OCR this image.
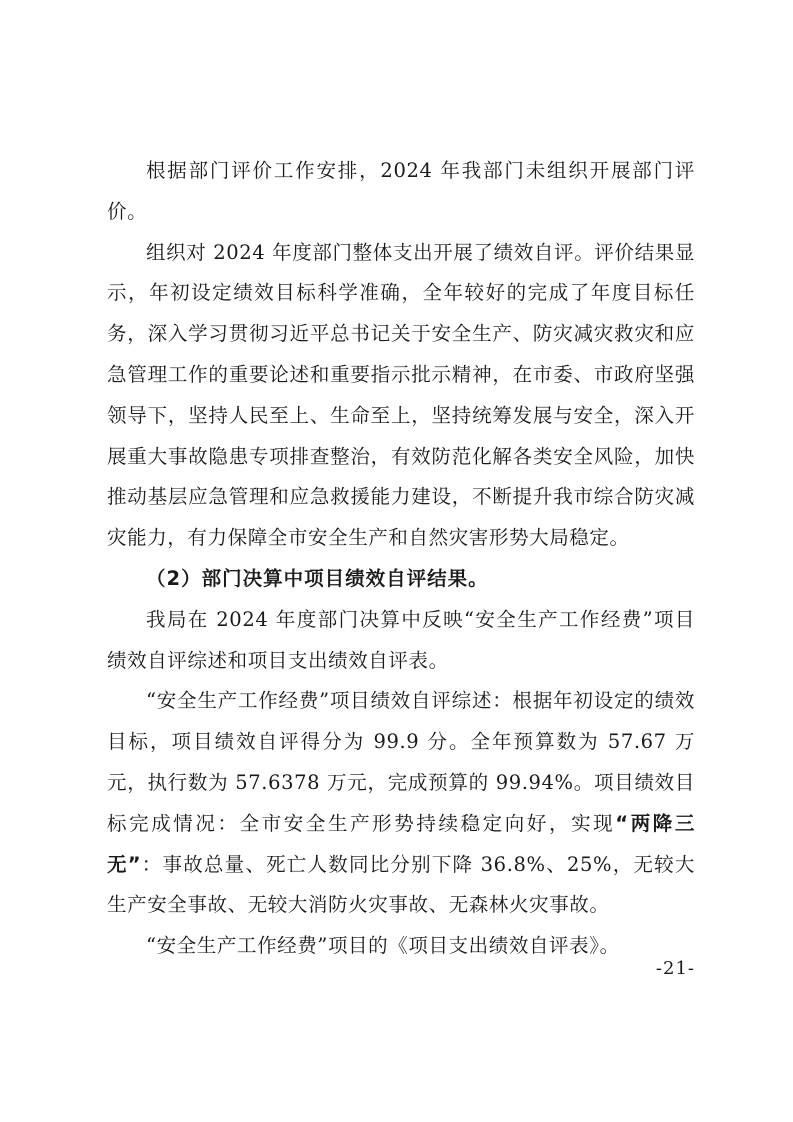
根据部门评价工作安排，2024 年我部门未组织开展部门评价。

组织对 2024 年度部门整体支出开展了绩效自评。评价结果显示，年初设定绩效目标科学准确，全年较好的完成了年度目标任务，深入学习贯彻习近平总书记关于安全生产、防灾减灾救灾和应急管理工作的重要论述和重要指示批示精神，在市委、市政府坚强领导下，坚持人民至上、生命至上，坚持统筹发展与安全，深入开展重大事故隐患专项排查整治，有效防范化解各类安全风险，加快推动基层应急管理和应急救援能力建设，不断提升我市综合防灾减灾能力，有力保障全市安全生产和自然灾害形势大局稳定。

（2）部门决算中项目绩效自评结果。

我局在 2024 年度部门决算中反映“安全生产工作经费”项目绩效自评综述和项目支出绩效自评表。

“安全生产工作经费”项目绩效自评综述：根据年初设定的绩效目标，项目绩效自评得分为 99.9 分。全年预算数为 57.67 万元，执行数为 57.6378 万元，完成预算的 99.94%。项目绩效目标完成情况：全市安全生产形势持续稳定向好，实现“两降三无”：事故总量、死亡人数同比分别下降 36.8%、25%，无较大生产安全事故、无较大消防火灾事故、无森林火灾事故。

“安全生产工作经费”项目的《项目支出绩效自评表》。

-21-
